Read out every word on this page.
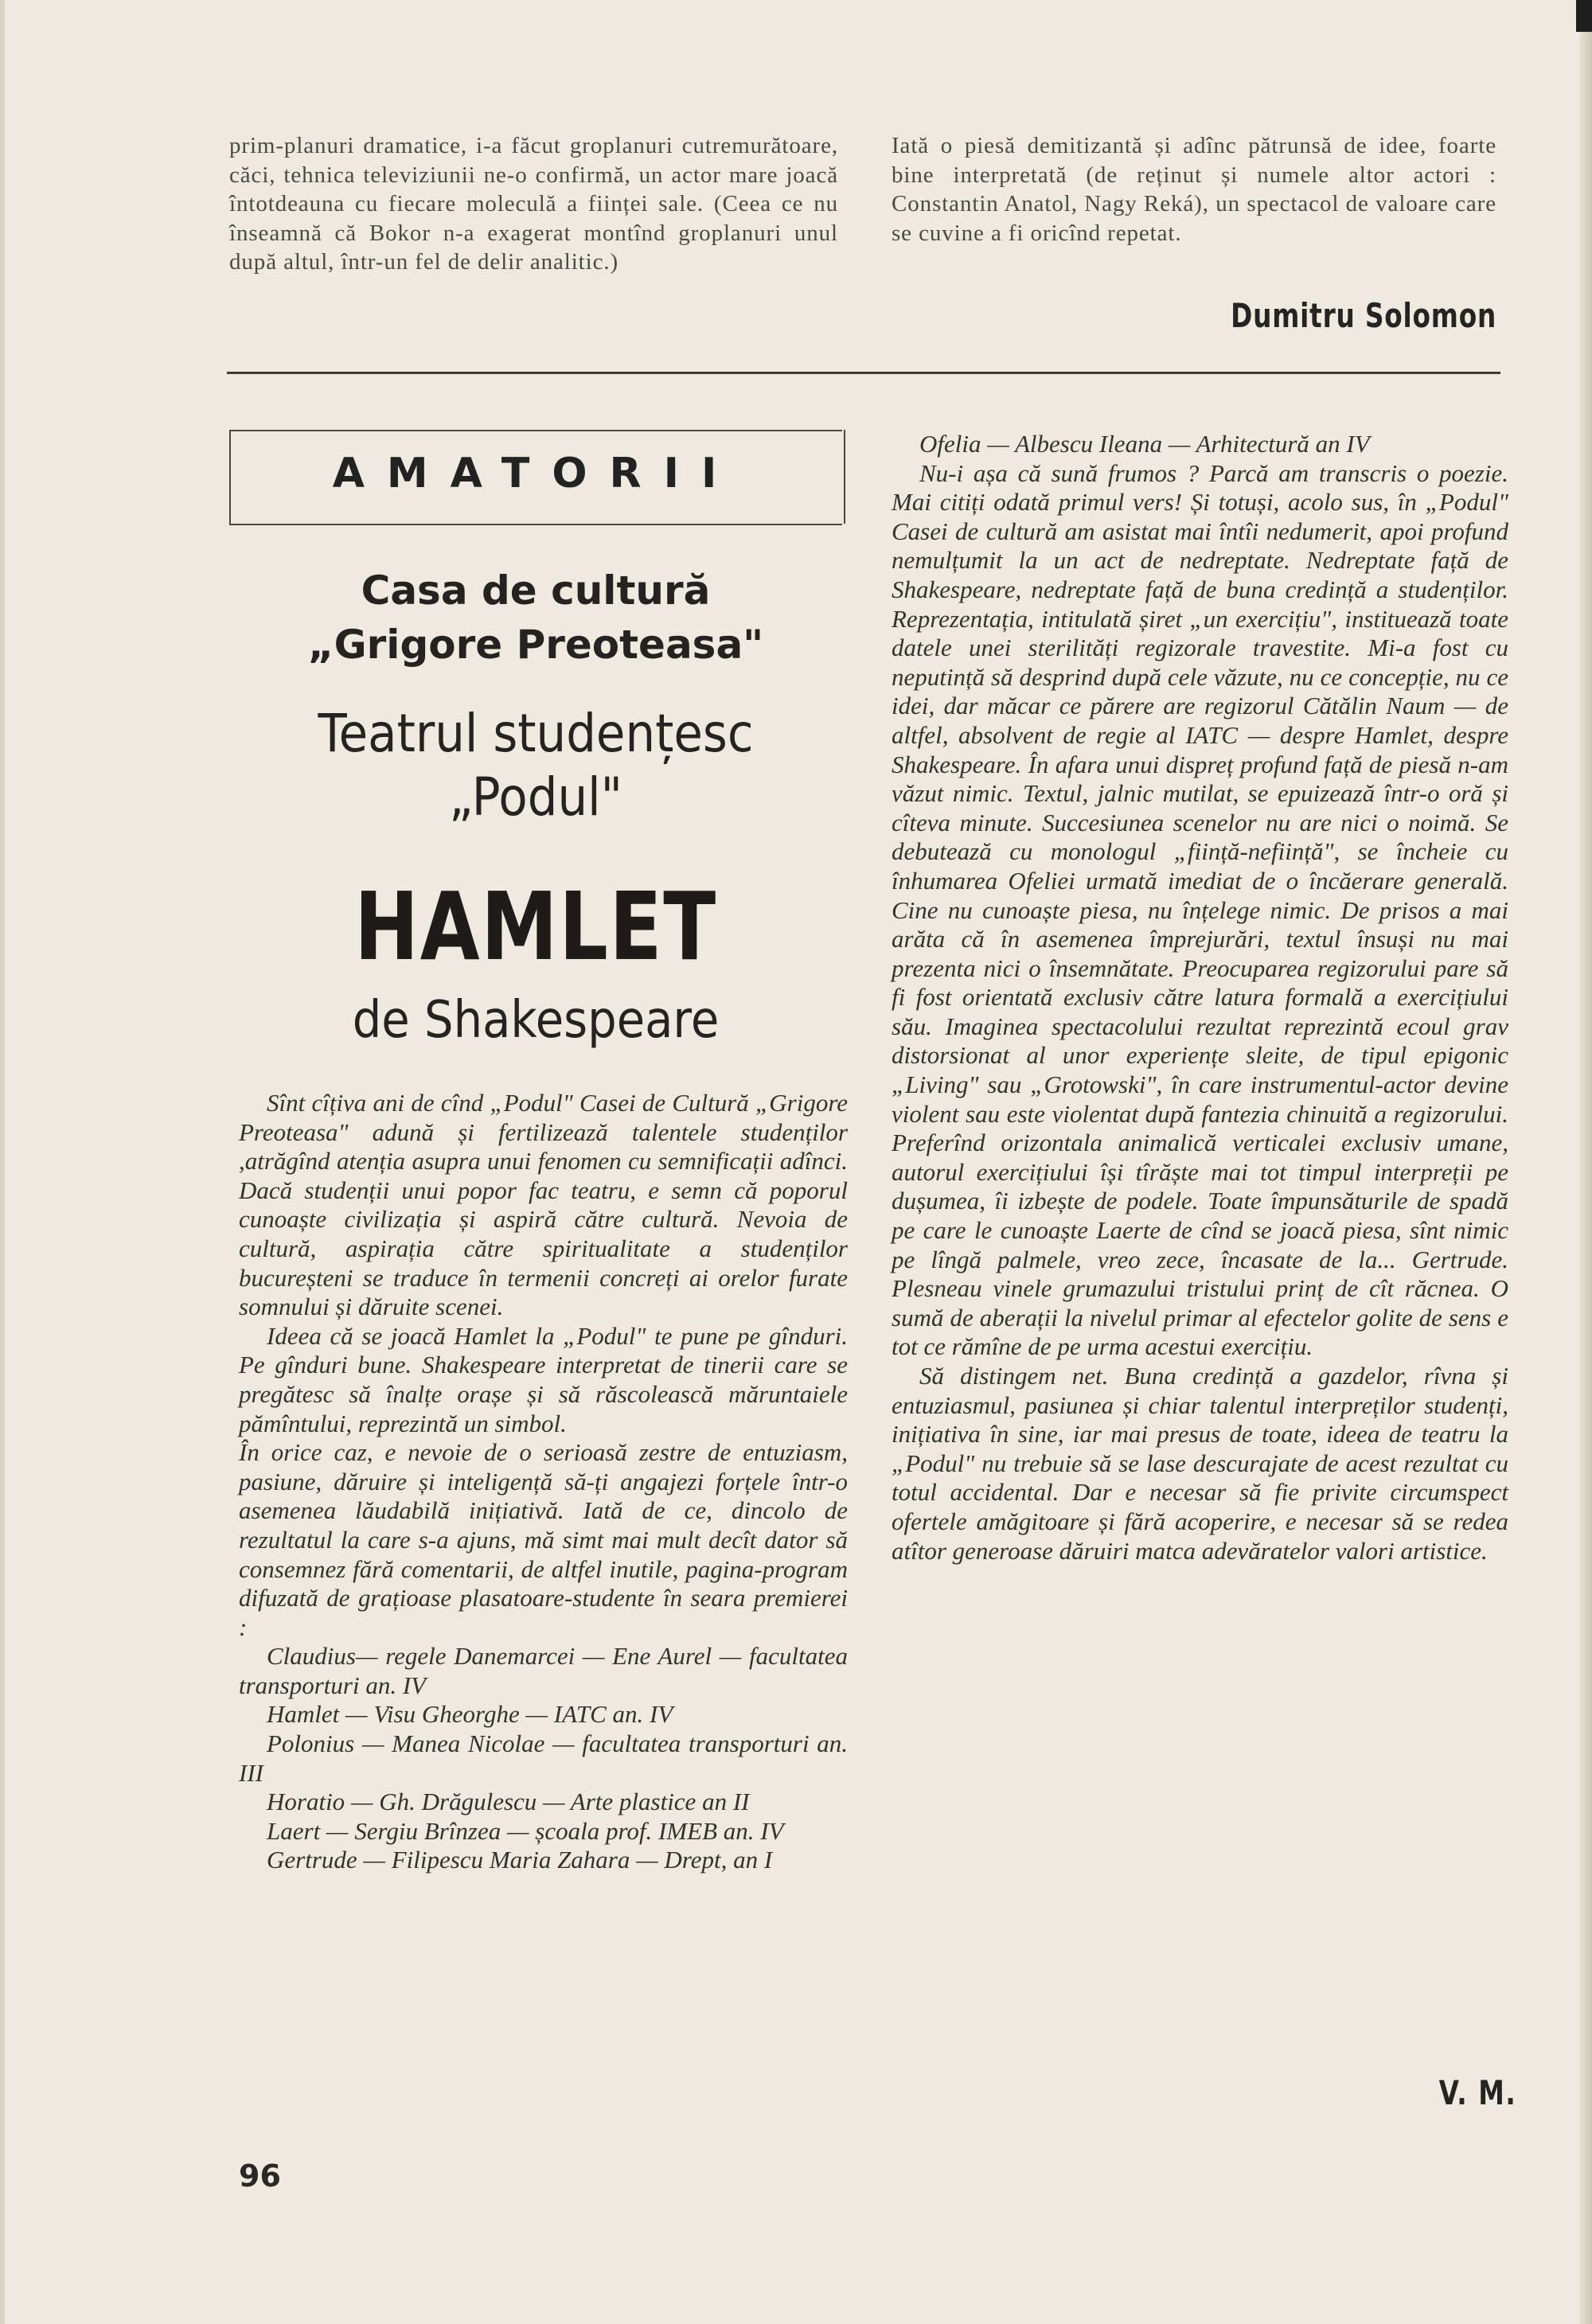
prim-planuri dramatice, i-a făcut groplanuri cutremurătoare, căci, tehnica televiziunii ne-o confirmă, un actor mare joacă întotdeauna cu fiecare moleculă a ființei sale. (Ceea ce nu înseamnă că Bokor n-a exagerat montînd groplanuri unul după altul, într-un fel de delir analitic.)
Iată o piesă demitizantă și adînc pătrunsă de idee, foarte bine interpretată (de reținut și numele altor actori : Constantin Anatol, Nagy Reká), un spectacol de valoare care se cuvine a fi oricînd repetat.
Dumitru Solomon
AMATORII
Casa de cultură
„Grigore Preoteasa"
Teatrul studențesc
„Podul"
HAMLET
de Shakespeare

Sînt cîțiva ani de cînd „Podul" Casei de Cultură „Grigore Preoteasa" adună și fertilizează talentele studenților ,atrăgînd atenția asupra unui fenomen cu semnificații adînci. Dacă studenții unui popor fac teatru, e semn că poporul cunoaște civilizația și aspiră către cultură. Nevoia de cultură, aspirația către spiritualitate a studenților bucureșteni se traduce în termenii concreți ai orelor furate somnului și dăruite scenei.

Ideea că se joacă Hamlet la „Podul" te pune pe gînduri. Pe gînduri bune. Shakespeare interpretat de tinerii care se pregătesc să înalțe orașe și să răscolească măruntaiele pămîntului, reprezintă un simbol.

În orice caz, e nevoie de o serioasă zestre de entuziasm, pasiune, dăruire și inteligență să-ți angajezi forțele într-o asemenea lăudabilă inițiativă. Iată de ce, dincolo de rezultatul la care s-a ajuns, mă simt mai mult decît dator să consemnez fără comentarii, de altfel inutile, pagina-program difuzată de grațioase plasatoare-studente în seara premierei :

Claudius— regele Danemarcei — Ene Aurel — facultatea transporturi an. IV

Hamlet — Visu Gheorghe — IATC an. IV

Polonius — Manea Nicolae — facultatea transporturi an. III

Horatio — Gh. Drăgulescu — Arte plastice an II

Laert — Sergiu Brînzea — școala prof. IMEB an. IV

Gertrude — Filipescu Maria Zahara — Drept, an I

Ofelia — Albescu Ileana — Arhitectură an IV

Nu-i așa că sună frumos ? Parcă am transcris o poezie. Mai citiți odată primul vers! Și totuși, acolo sus, în „Podul" Casei de cultură am asistat mai întîi nedumerit, apoi profund nemulțumit la un act de nedreptate. Nedreptate față de Shakespeare, nedreptate față de buna credință a studenților. Reprezentația, intitulată șiret „un exercițiu", instituează toate datele unei sterilități regizorale travestite. Mi-a fost cu neputință să desprind după cele văzute, nu ce concepție, nu ce idei, dar măcar ce părere are regizorul Cătălin Naum — de altfel, absolvent de regie al IATC — despre Hamlet, despre Shakespeare. În afara unui dispreț profund față de piesă n-am văzut nimic. Textul, jalnic mutilat, se epuizează într-o oră și cîteva minute. Succesiunea scenelor nu are nici o noimă. Se debutează cu monologul „ființă-neființă", se încheie cu înhumarea Ofeliei urmată imediat de o încăerare generală. Cine nu cunoaște piesa, nu înțelege nimic. De prisos a mai arăta că în asemenea împrejurări, textul însuși nu mai prezenta nici o însemnătate. Preocuparea regizorului pare să fi fost orientată exclusiv către latura formală a exercițiului său. Imaginea spectacolului rezultat reprezintă ecoul grav distorsionat al unor experiențe sleite, de tipul epigonic „Living" sau „Grotowski", în care instrumentul-actor devine violent sau este violentat după fantezia chinuită a regizorului. Preferînd orizontala animalică verticalei exclusiv umane, autorul exercițiului își tîrăște mai tot timpul interpreții pe dușumea, îi izbește de podele. Toate împunsăturile de spadă pe care le cunoaște Laerte de cînd se joacă piesa, sînt nimic pe lîngă palmele, vreo zece, încasate de la... Gertrude. Plesneau vinele grumazului tristului prinț de cît răcnea. O sumă de aberații la nivelul primar al efectelor golite de sens e tot ce rămîne de pe urma acestui exercițiu.

Să distingem net. Buna credință a gazdelor, rîvna și entuziasmul, pasiunea și chiar talentul interpreților studenți, inițiativa în sine, iar mai presus de toate, ideea de teatru la „Podul" nu trebuie să se lase descurajate de acest rezultat cu totul accidental. Dar e necesar să fie privite circumspect ofertele amăgitoare și fără acoperire, e necesar să se redea atîtor generoase dăruiri matca adevăratelor valori artistice.

V. M.
96
